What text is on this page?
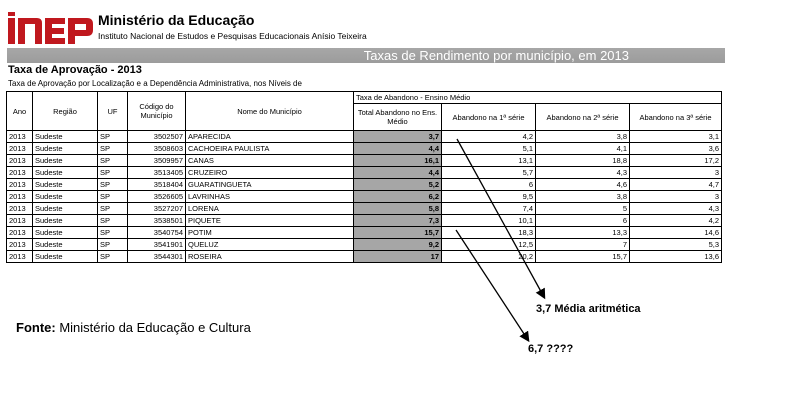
Ministério da Educação
Instituto Nacional de Estudos e Pesquisas Educacionais Anísio Teixeira
Taxas de Rendimento por município, em 2013
Taxa de Aprovação - 2013
Taxa de Aprovação por Localização e a Dependência Administrativa, nos Níveis de
Ano	Região	UF	Código do Município	Nome do Município	Taxa de Abandono - Ensino Médio			
					Total Abandono no Ens. Médio	Abandono na 1ª série	Abandono na 2ª série	Abandono na 3ª série
2013	Sudeste	SP	3502507	APARECIDA	3,7	4,2	3,8	3,1
2013	Sudeste	SP	3508603	CACHOEIRA PAULISTA	4,4	5,1	4,1	3,6
2013	Sudeste	SP	3509957	CANAS	16,1	13,1	18,8	17,2
2013	Sudeste	SP	3513405	CRUZEIRO	4,4	5,7	4,3	3
2013	Sudeste	SP	3518404	GUARATINGUETA	5,2	6	4,6	4,7
2013	Sudeste	SP	3526605	LAVRINHAS	6,2	9,5	3,8	3
2013	Sudeste	SP	3527207	LORENA	5,8	7,4	5	4,3
2013	Sudeste	SP	3538501	PIQUETE	7,3	10,1	6	4,2
2013	Sudeste	SP	3540754	POTIM	15,7	18,3	13,3	14,6
2013	Sudeste	SP	3541901	QUELUZ	9,2	12,5	7	5,3
2013	Sudeste	SP	3544301	ROSEIRA	17	20,2	15,7	13,6
Fonte: Ministério da Educação e Cultura
3,7 Média aritmética
6,7 ????
